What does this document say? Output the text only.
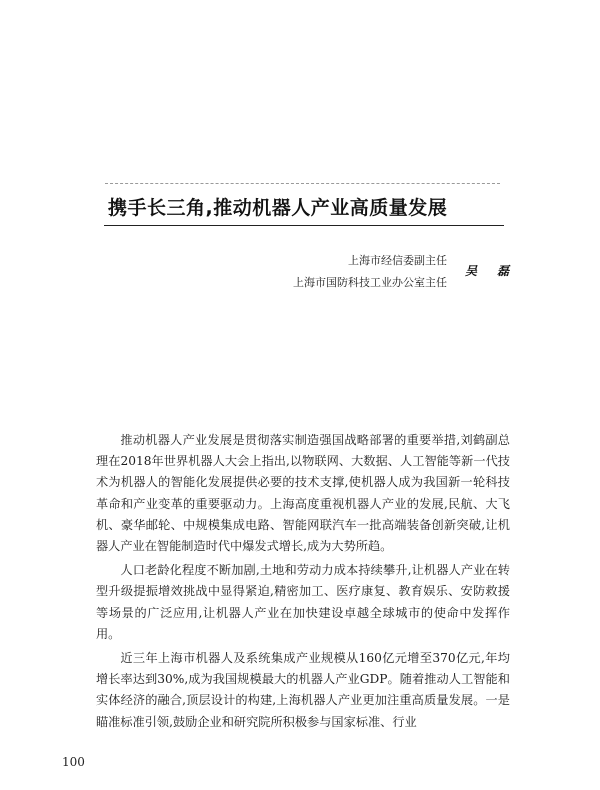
携手长三角,推动机器人产业高质量发展
上海市经信委副主任
上海市国防科技工业办公室主任
吴 磊

推动机器人产业发展是贯彻落实制造强国战略部署的重要举措,刘鹤副总理在2018年世界机器人大会上指出,以物联网、大数据、人工智能等新一代技术为机器人的智能化发展提供必要的技术支撑,使机器人成为我国新一轮科技革命和产业变革的重要驱动力。上海高度重视机器人产业的发展,民航、大飞机、豪华邮轮、中规模集成电路、智能网联汽车一批高端装备创新突破,让机器人产业在智能制造时代中爆发式增长,成为大势所趋。

人口老龄化程度不断加剧,土地和劳动力成本持续攀升,让机器人产业在转型升级提振增效挑战中显得紧迫,精密加工、医疗康复、教育娱乐、安防救援等场景的广泛应用,让机器人产业在加快建设卓越全球城市的使命中发挥作用。

近三年上海市机器人及系统集成产业规模从160亿元增至370亿元,年均增长率达到30%,成为我国规模最大的机器人产业GDP。随着推动人工智能和实体经济的融合,顶层设计的构建,上海机器人产业更加注重高质量发展。一是瞄准标准引领,鼓励企业和研究院所积极参与国家标准、行业

100
